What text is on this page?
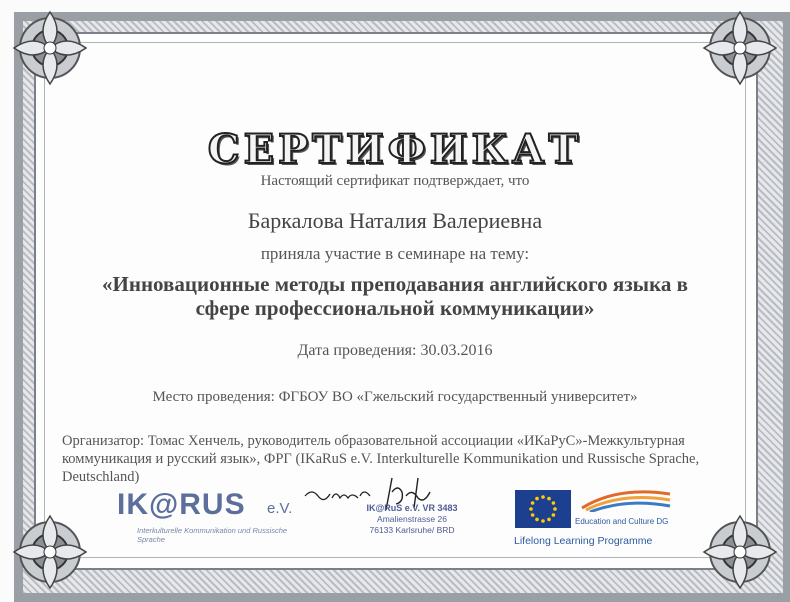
СЕРТИФИКАТ
Настоящий сертификат подтверждает, что
Баркалова Наталия Валериевна
приняла участие в семинаре на тему:
«Инновационные методы преподавания английского языка в сфере профессиональной коммуникации»
Дата проведения: 30.03.2016
Место проведения: ФГБОУ ВО «Гжельский государственный университет»
Организатор: Томас Хенчель, руководитель образовательной ассоциации «ИКаРуС»-Межкультурная коммуникация и русский язык», ФРГ (IKaRuS e.V. Interkulturelle Kommunikation und Russische Sprache, Deutschland)
IK@RUS e.V.
Interkulturelle Kommunikation und Russische Sprache
IK@RuS e.V. VR 3483
Amalienstrasse 26
76133 Karlsruhe/ BRD
Education and Culture DG
Lifelong Learning Programme
